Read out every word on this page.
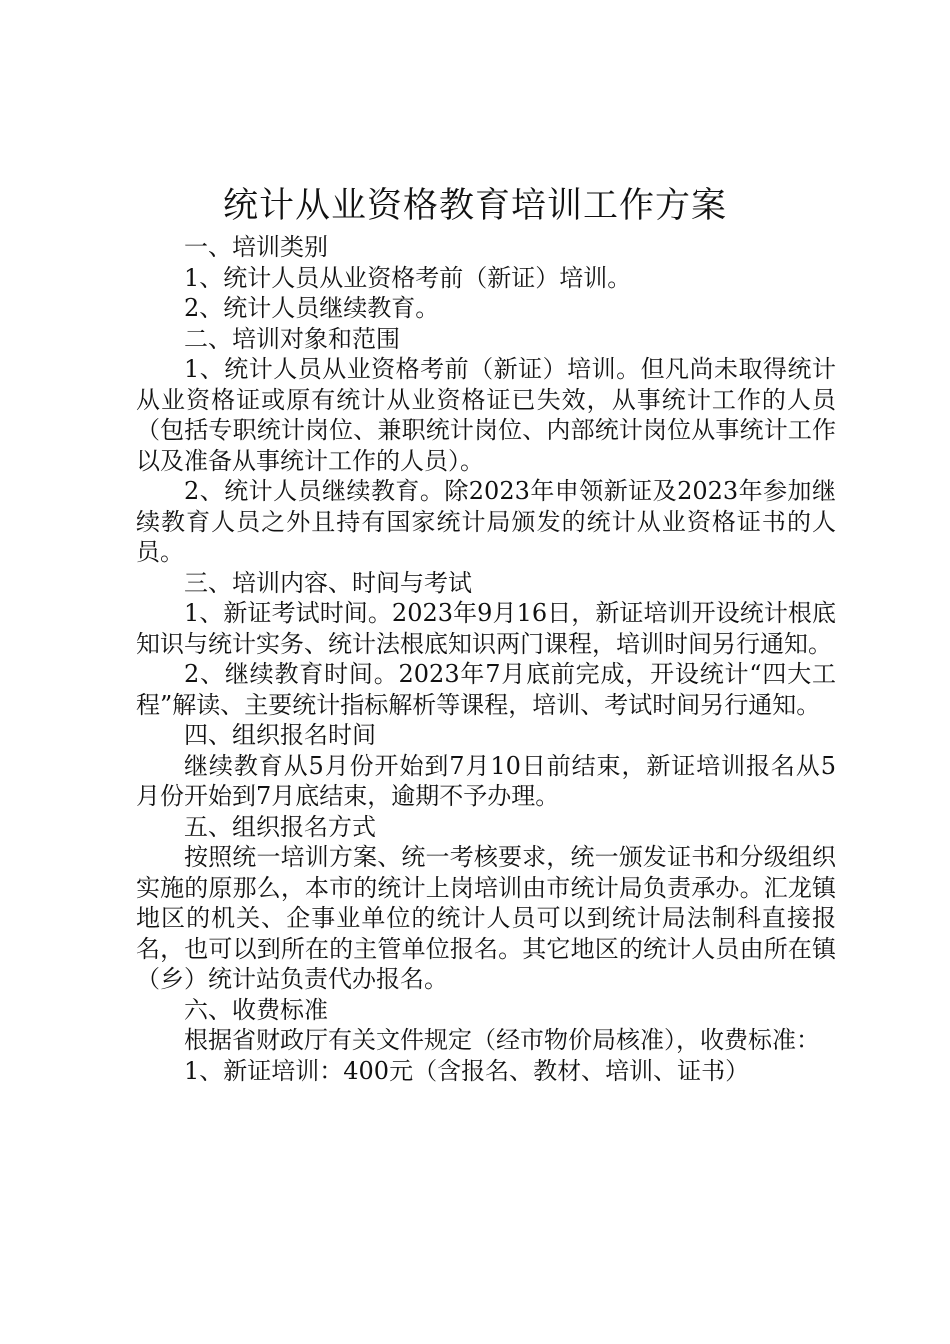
统计从业资格教育培训工作方案

一、培训类别

1、统计人员从业资格考前（新证）培训。

2、统计人员继续教育。

二、培训对象和范围

1、统计人员从业资格考前（新证）培训。但凡尚未取得统计从业资格证或原有统计从业资格证已失效，从事统计工作的人员（包括专职统计岗位、兼职统计岗位、内部统计岗位从事统计工作以及准备从事统计工作的人员）。

2、统计人员继续教育。除2023年申领新证及2023年参加继续教育人员之外且持有国家统计局颁发的统计从业资格证书的人员。

三、培训内容、时间与考试

1、新证考试时间。2023年9月16日，新证培训开设统计根底知识与统计实务、统计法根底知识两门课程，培训时间另行通知。

2、继续教育时间。2023年7月底前完成，开设统计“四大工程”解读、主要统计指标解析等课程，培训、考试时间另行通知。

四、组织报名时间

继续教育从5月份开始到7月10日前结束，新证培训报名从5月份开始到7月底结束，逾期不予办理。

五、组织报名方式

按照统一培训方案、统一考核要求，统一颁发证书和分级组织实施的原那么，本市的统计上岗培训由市统计局负责承办。汇龙镇地区的机关、企事业单位的统计人员可以到统计局法制科直接报名，也可以到所在的主管单位报名。其它地区的统计人员由所在镇（乡）统计站负责代办报名。

六、收费标准

根据省财政厅有关文件规定（经市物价局核准），收费标准：

1、新证培训：400元（含报名、教材、培训、证书）
